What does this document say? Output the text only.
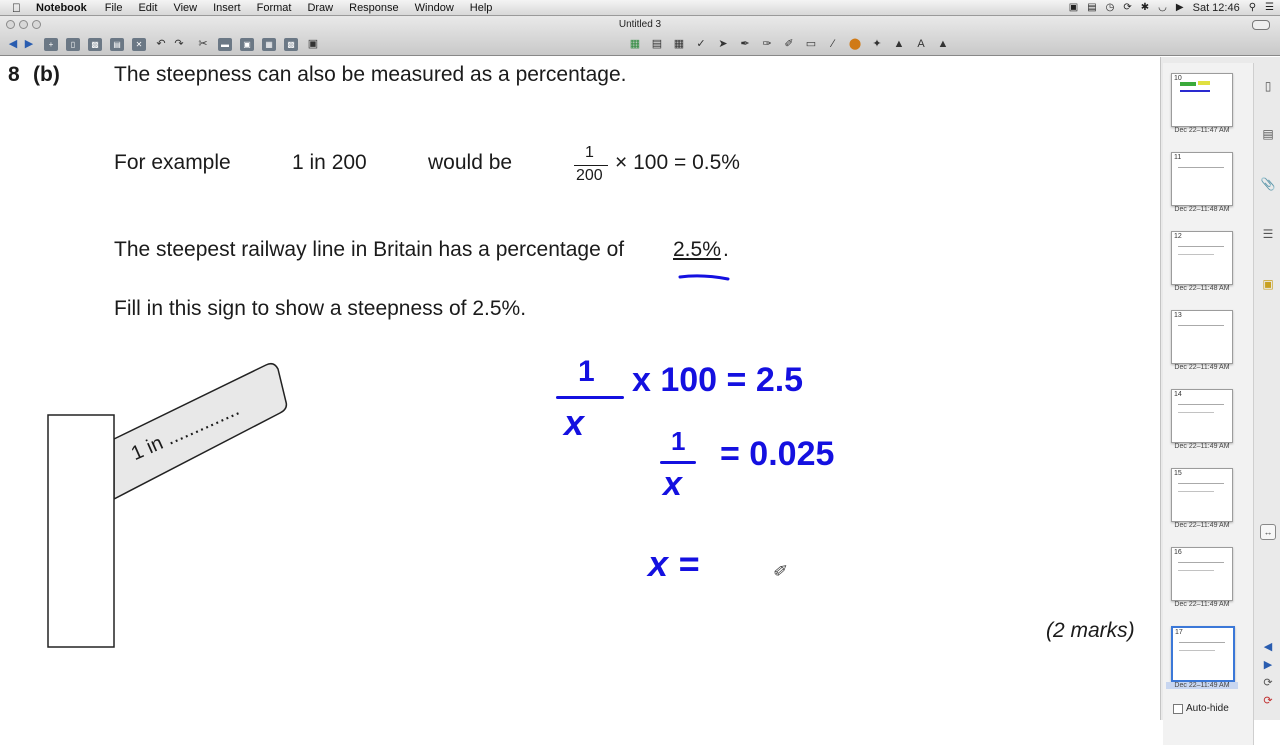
Notebook File Edit View Insert Format Draw Response Window Help	▣ ▤ ◷ ⟳ ✱ ◡ ▶ Sat 12:46 ⚲ ☰
Untitled 3
◀ ▶	+	▯	▩	▤	✕	↶ ↷ ✂	▬	▣	▦	▩ ▣	▦ ▤ ▦ ✓ ➤ ✒ ✑ ✐ ▭	∕	⬤ ✦ ▲	A	▲
8 (b)	The steepness can also be measured as a percentage.
For example	1 in 200	would be	1
200
× 100 = 0.5%
The steepest railway line in Britain has a percentage of 2.5% .
Fill in this sign to show a steepness of 2.5%.
1 in ..............
1
x
x 100 = 2.5
1
x
= 0.025
x =	✏
(2 marks)
10
Dec 22–11:47 AM
11
Dec 22–11:48 AM
12
Dec 22–11:48 AM
13
Dec 22–11:49 AM
14
Dec 22–11:49 AM
15
Dec 22–11:49 AM
16
Dec 22–11:49 AM
17
Dec 22–11:49 AM
▯
▤
📎
☰
▣
↔
◀
▶
⟳
⟳
Auto-hide
